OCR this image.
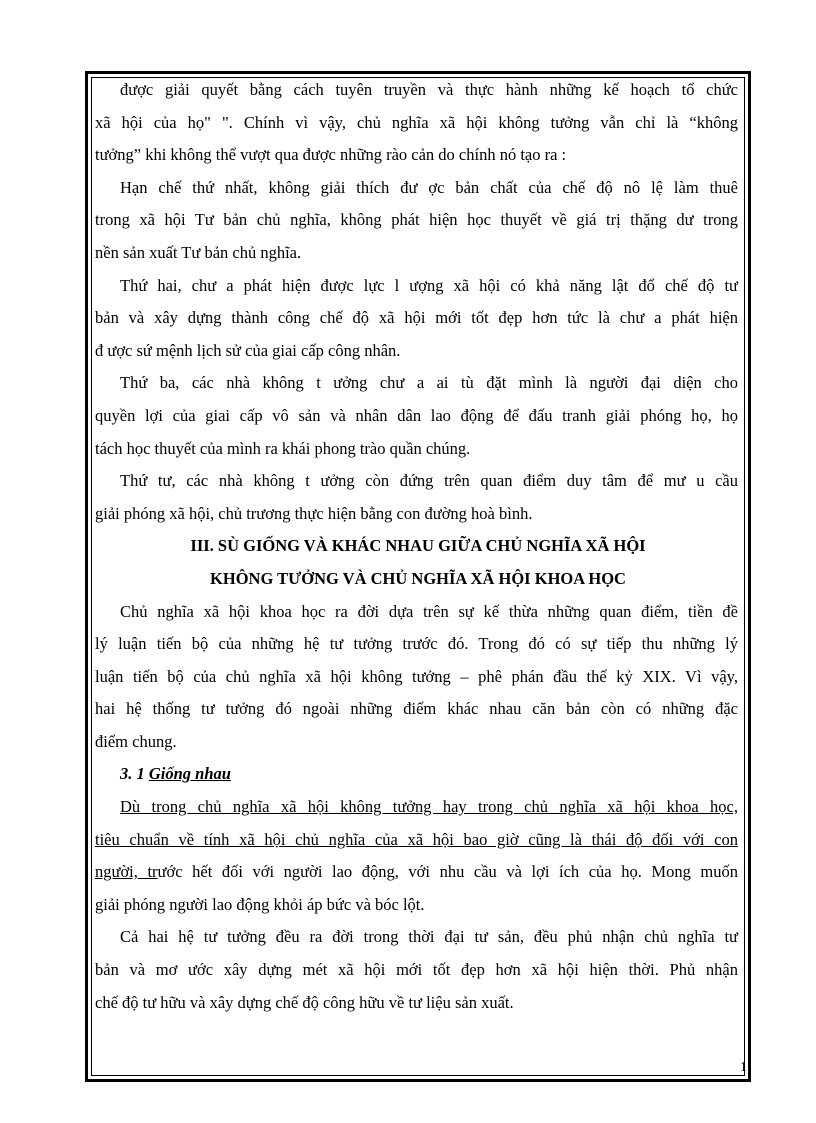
được giải quyết bằng cách tuyên truyền và thực hành những kế hoạch tổ chức
xã hội của họ" ". Chính vì vậy, chủ nghĩa xã hội không tưởng vẫn chỉ là “không
tưởng” khi không thể vượt qua được những rào cản do chính nó tạo ra :
Hạn chế thứ nhất, không giải thích đư ợc bản chất của chế độ nô lệ làm thuê
trong xã hội Tư bản chủ nghĩa, không phát hiện học thuyết về giá trị thặng dư trong
nền sản xuất Tư bản chủ nghĩa.
Thứ hai, chư a phát hiện được lực l ượng xã hội có khả năng lật đổ chế độ tư
bản và xây dựng thành công chế độ xã hội mới tốt đẹp hơn tức là chư a phát hiện
đ ược sứ mệnh lịch sử của giai cấp công nhân.
Thứ ba, các nhà không t ưởng chư a ai tù đặt mình là người đại diện cho
quyền lợi của giai cấp vô sản và nhân dân lao động để đấu tranh giải phóng họ, họ
tách học thuyết của mình ra khái phong trào quần chúng.
Thứ tư, các nhà không t ưởng còn đứng trên quan điểm duy tâm để mư u cầu
giải phóng xã hội, chủ trương thực hiện bằng con đường hoà bình.
III. SÙ GIỐNG VÀ KHÁC NHAU GIỮA CHỦ NGHĨA XÃ HỘI
KHÔNG TƯỞNG VÀ CHỦ NGHĨA XÃ HỘI KHOA HỌC
Chủ nghĩa xã hội khoa học ra đời dựa trên sự kế thừa những quan điểm, tiền đề
lý luận tiến bộ của những hệ tư tưởng trước đó. Trong đó có sự tiếp thu những lý
luận tiến bộ của chủ nghĩa xã hội không tưởng – phê phán đầu thế kỷ XIX. Vì vậy,
hai hệ thống tư tưởng đó ngoài những điểm khác nhau căn bản còn có những đặc
điểm chung.
3. 1 Giống nhau
Dù trong chủ nghĩa xã hội không tưởng hay trong chủ nghĩa xã hội khoa học,
tiêu chuẩn về tính xã hội chủ nghĩa của xã hội bao giờ cũng là thái độ đối với con
người, trước hết đối với người lao động, với nhu cầu và lợi ích của họ. Mong muốn
giải phóng người lao động khỏi áp bức và bóc lột.
Cả hai hệ tư tưởng đều ra đời trong thời đại tư sản, đều phủ nhận chủ nghĩa tư
bản và mơ ước xây dựng mét xã hội mới tốt đẹp hơn xã hội hiện thời. Phủ nhận
chế độ tư hữu và xây dựng chế độ công hữu về tư liệu sản xuất.
1
